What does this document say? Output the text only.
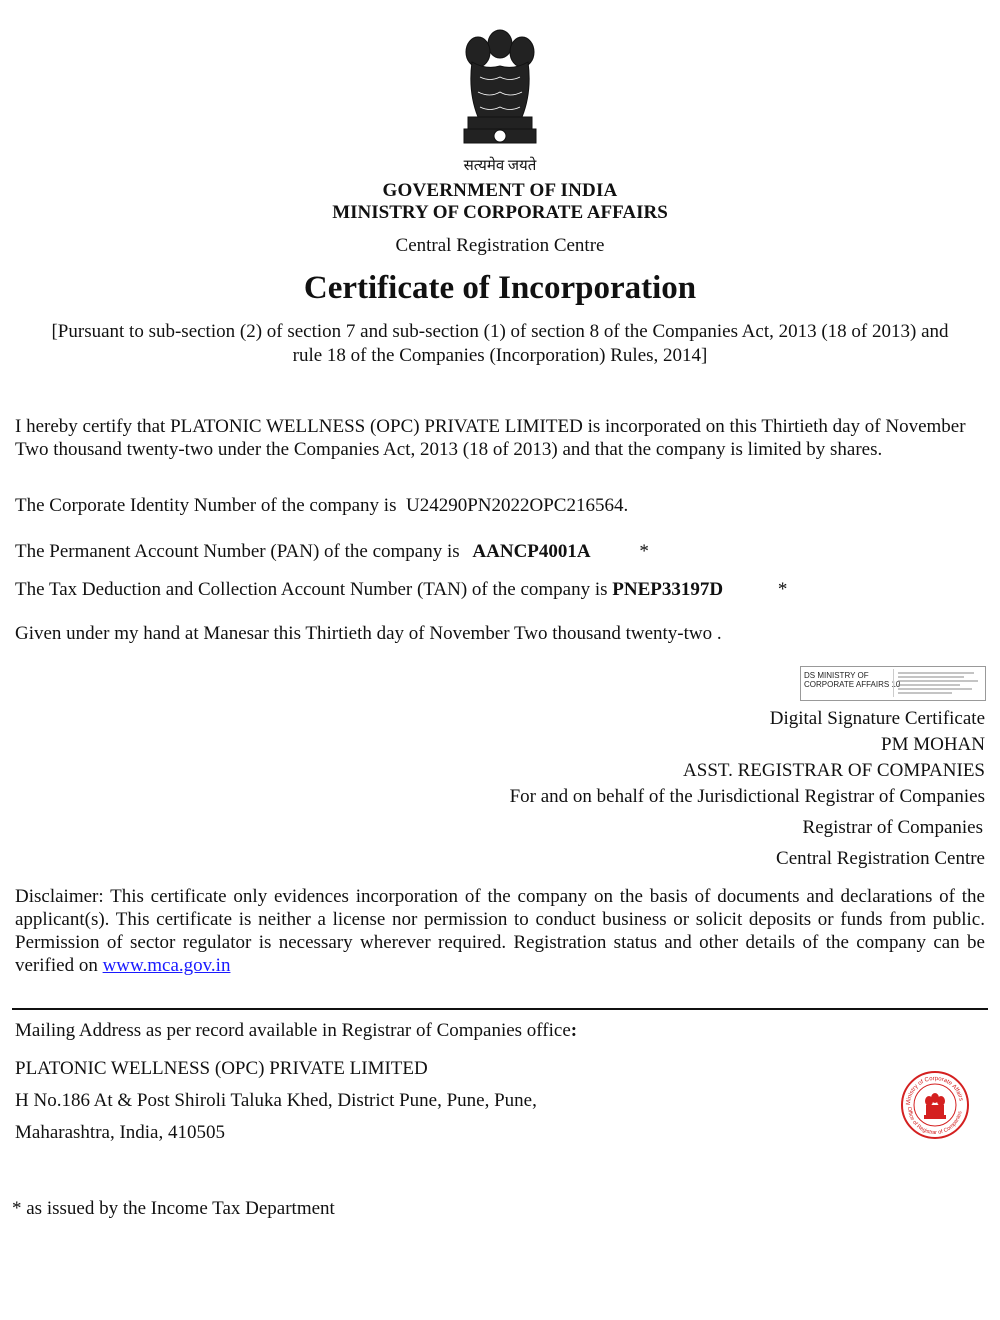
सत्यमेव जयते
GOVERNMENT OF INDIA
MINISTRY OF CORPORATE AFFAIRS
Central Registration Centre
Certificate of Incorporation
[Pursuant to sub-section (2) of section 7 and sub-section (1) of section 8 of the Companies Act, 2013 (18 of 2013) and
rule 18 of the Companies (Incorporation) Rules, 2014]
I hereby certify that PLATONIC WELLNESS (OPC) PRIVATE LIMITED is incorporated on this Thirtieth day of November Two thousand twenty-two under the Companies Act, 2013 (18 of 2013) and that the company is limited by shares.
The Corporate Identity Number of the company is U24290PN2022OPC216564.
The Permanent Account Number (PAN) of the company is AANCP4001A	*
The Tax Deduction and Collection Account Number (TAN) of the company is PNEP33197D	*
Given under my hand at Manesar this Thirtieth day of November Two thousand twenty-two .
DS MINISTRY OF
CORPORATE AFFAIRS 10
Digital Signature Certificate
PM MOHAN
ASST. REGISTRAR OF COMPANIES
For and on behalf of the Jurisdictional Registrar of Companies
Registrar of Companies
Central Registration Centre
Disclaimer: This certificate only evidences incorporation of the company on the basis of documents and declarations of the applicant(s). This certificate is neither a license nor permission to conduct business or solicit deposits or funds from public. Permission of sector regulator is necessary wherever required. Registration status and other details of the company can be verified on www.mca.gov.in
Mailing Address as per record available in Registrar of Companies office:
PLATONIC WELLNESS (OPC) PRIVATE LIMITED
H No.186 At & Post Shiroli Taluka Khed, District Pune, Pune, Pune,
Maharashtra, India, 410505
Ministry of Corporate Affairs
Office of Registrar of Companies
* as issued by the Income Tax Department
